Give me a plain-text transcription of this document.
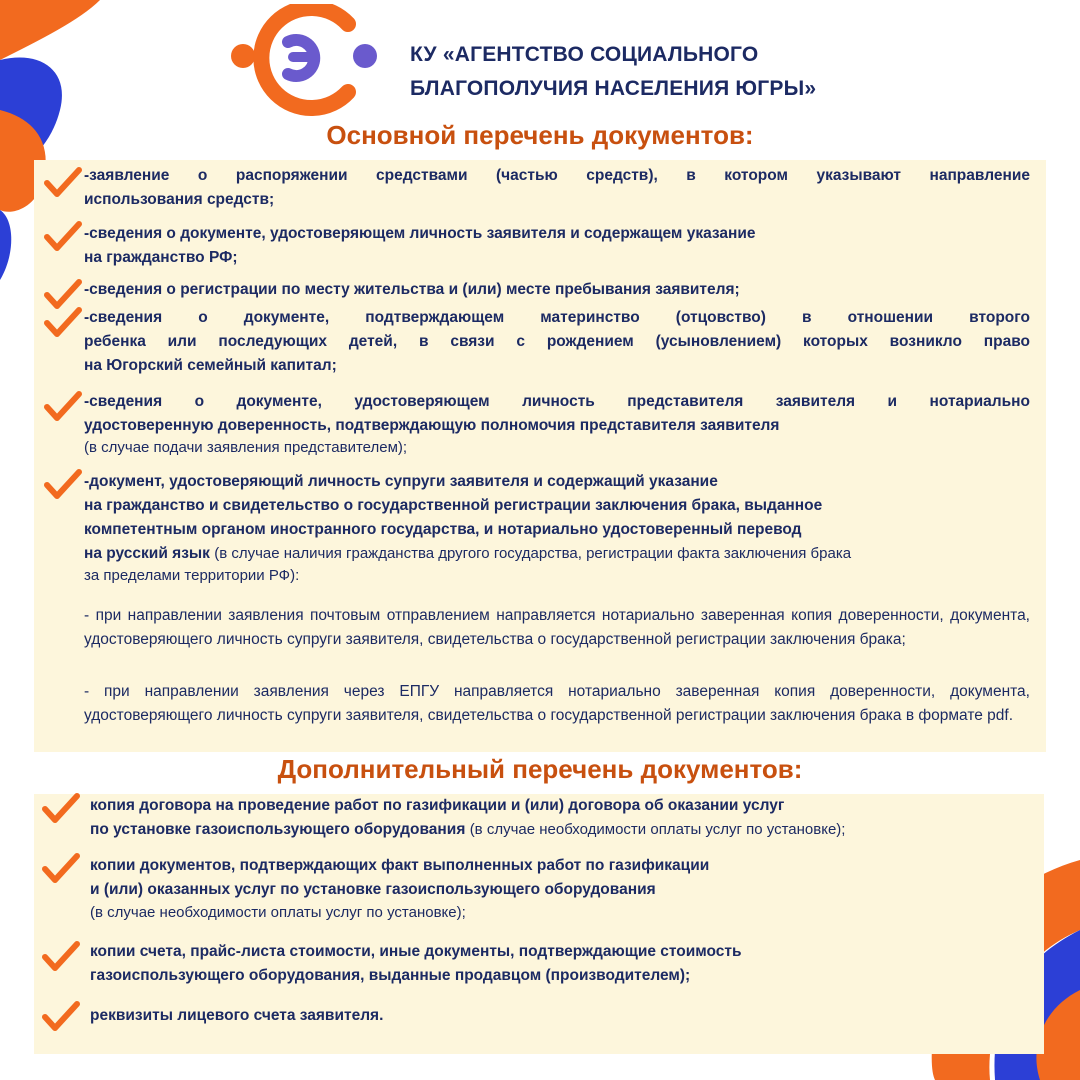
КУ «АГЕНТСТВО СОЦИАЛЬНОГО
БЛАГОПОЛУЧИЯ НАСЕЛЕНИЯ ЮГРЫ»
Основной перечень документов:
-заявление о распоряжении средствами (частью средств), в котором указывают направление
использования средств;
-сведения о документе, удостоверяющем личность заявителя и содержащем указание
на гражданство РФ;
-сведения о регистрации по месту жительства и (или) месте пребывания заявителя;
-сведения о документе, подтверждающем материнство (отцовство) в отношении второго
ребенка или последующих детей, в связи с рождением (усыновлением) которых возникло право
на Югорский семейный капитал;
-сведения о документе, удостоверяющем личность представителя заявителя и нотариально
удостоверенную доверенность, подтверждающую полномочия представителя заявителя
(в случае подачи заявления представителем);
-документ, удостоверяющий личность супруги заявителя и содержащий указание
на гражданство и свидетельство о государственной регистрации заключения брака, выданное
компетентным органом иностранного государства, и нотариально удостоверенный перевод
на русский язык (в случае наличия гражданства другого государства, регистрации факта заключения брака
за пределами территории РФ):
- при направлении заявления почтовым отправлением направляется нотариально заверенная копия доверенности, документа, удостоверяющего личность супруги заявителя, свидетельства о государственной регистрации заключения брака;
- при направлении заявления через ЕПГУ направляется нотариально заверенная копия доверенности, документа, удостоверяющего личность супруги заявителя, свидетельства о государственной регистрации заключения брака в формате pdf.
Дополнительный перечень документов:
копия договора на проведение работ по газификации и (или) договора об оказании услуг
по установке газоиспользующего оборудования (в случае необходимости оплаты услуг по установке);
копии документов, подтверждающих факт выполненных работ по газификации
и (или) оказанных услуг по установке газоиспользующего оборудования
(в случае необходимости оплаты услуг по установке);
копии счета, прайс-листа стоимости, иные документы, подтверждающие стоимость
газоиспользующего оборудования, выданные продавцом (производителем);
реквизиты лицевого счета заявителя.
